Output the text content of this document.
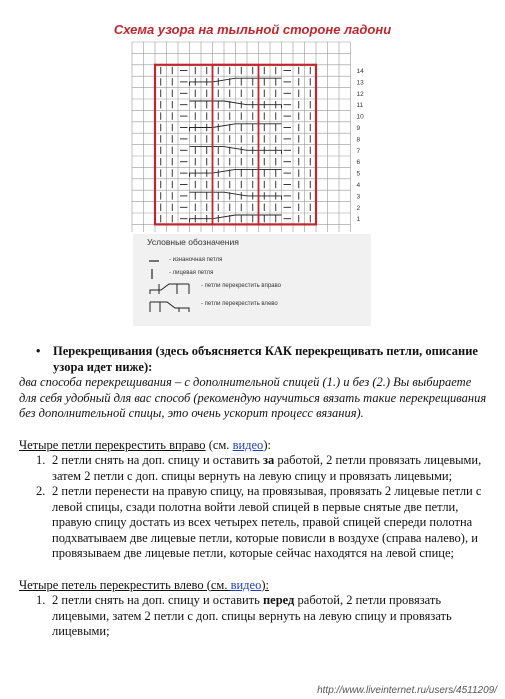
Схема узора на тыльной стороне ладони
14
13
12
11
10
9
8
7
6
5
4
3
2
1
Условные обозначения
- изнаночная петля
- лицевая петля
- петли перекрестить вправо
- петли перекрестить влево

• Перекрещивания (здесь объясняется КАК перекрещивать петли, описание узора идет ниже):

два способа перекрещивания – с дополнительной спицей (1.) и без (2.) Вы выбираете для себя удобный для вас способ (рекомендую научиться вязать такие перекрещивания без дополнительной спицы, это очень ускорит процесс вязания).

Четыре петли перекрестить вправо (см. видео):

1. 2 петли снять на доп. спицу и оставить за работой, 2 петли провязать лицевыми, затем 2 петли с доп. спицы вернуть на левую спицу и провязать лицевыми;
2. 2 петли перенести на правую спицу, на провязывая, провязать 2 лицевые петли с левой спицы, сзади полотна войти левой спицей в первые снятые две петли, правую спицу достать из всех четырех петель, правой спицей спереди полотна подхватываем две лицевые петли, которые повисли в воздухе (справа налево), и провязываем две лицевые петли, которые сейчас находятся на левой спице;

Четыре петель перекрестить влево (см. видео):

1. 2 петли снять на доп. спицу и оставить перед работой, 2 петли провязать лицевыми, затем 2 петли с доп. спицы вернуть на левую спицу и провязать лицевыми;
http://www.liveinternet.ru/users/4511209/
